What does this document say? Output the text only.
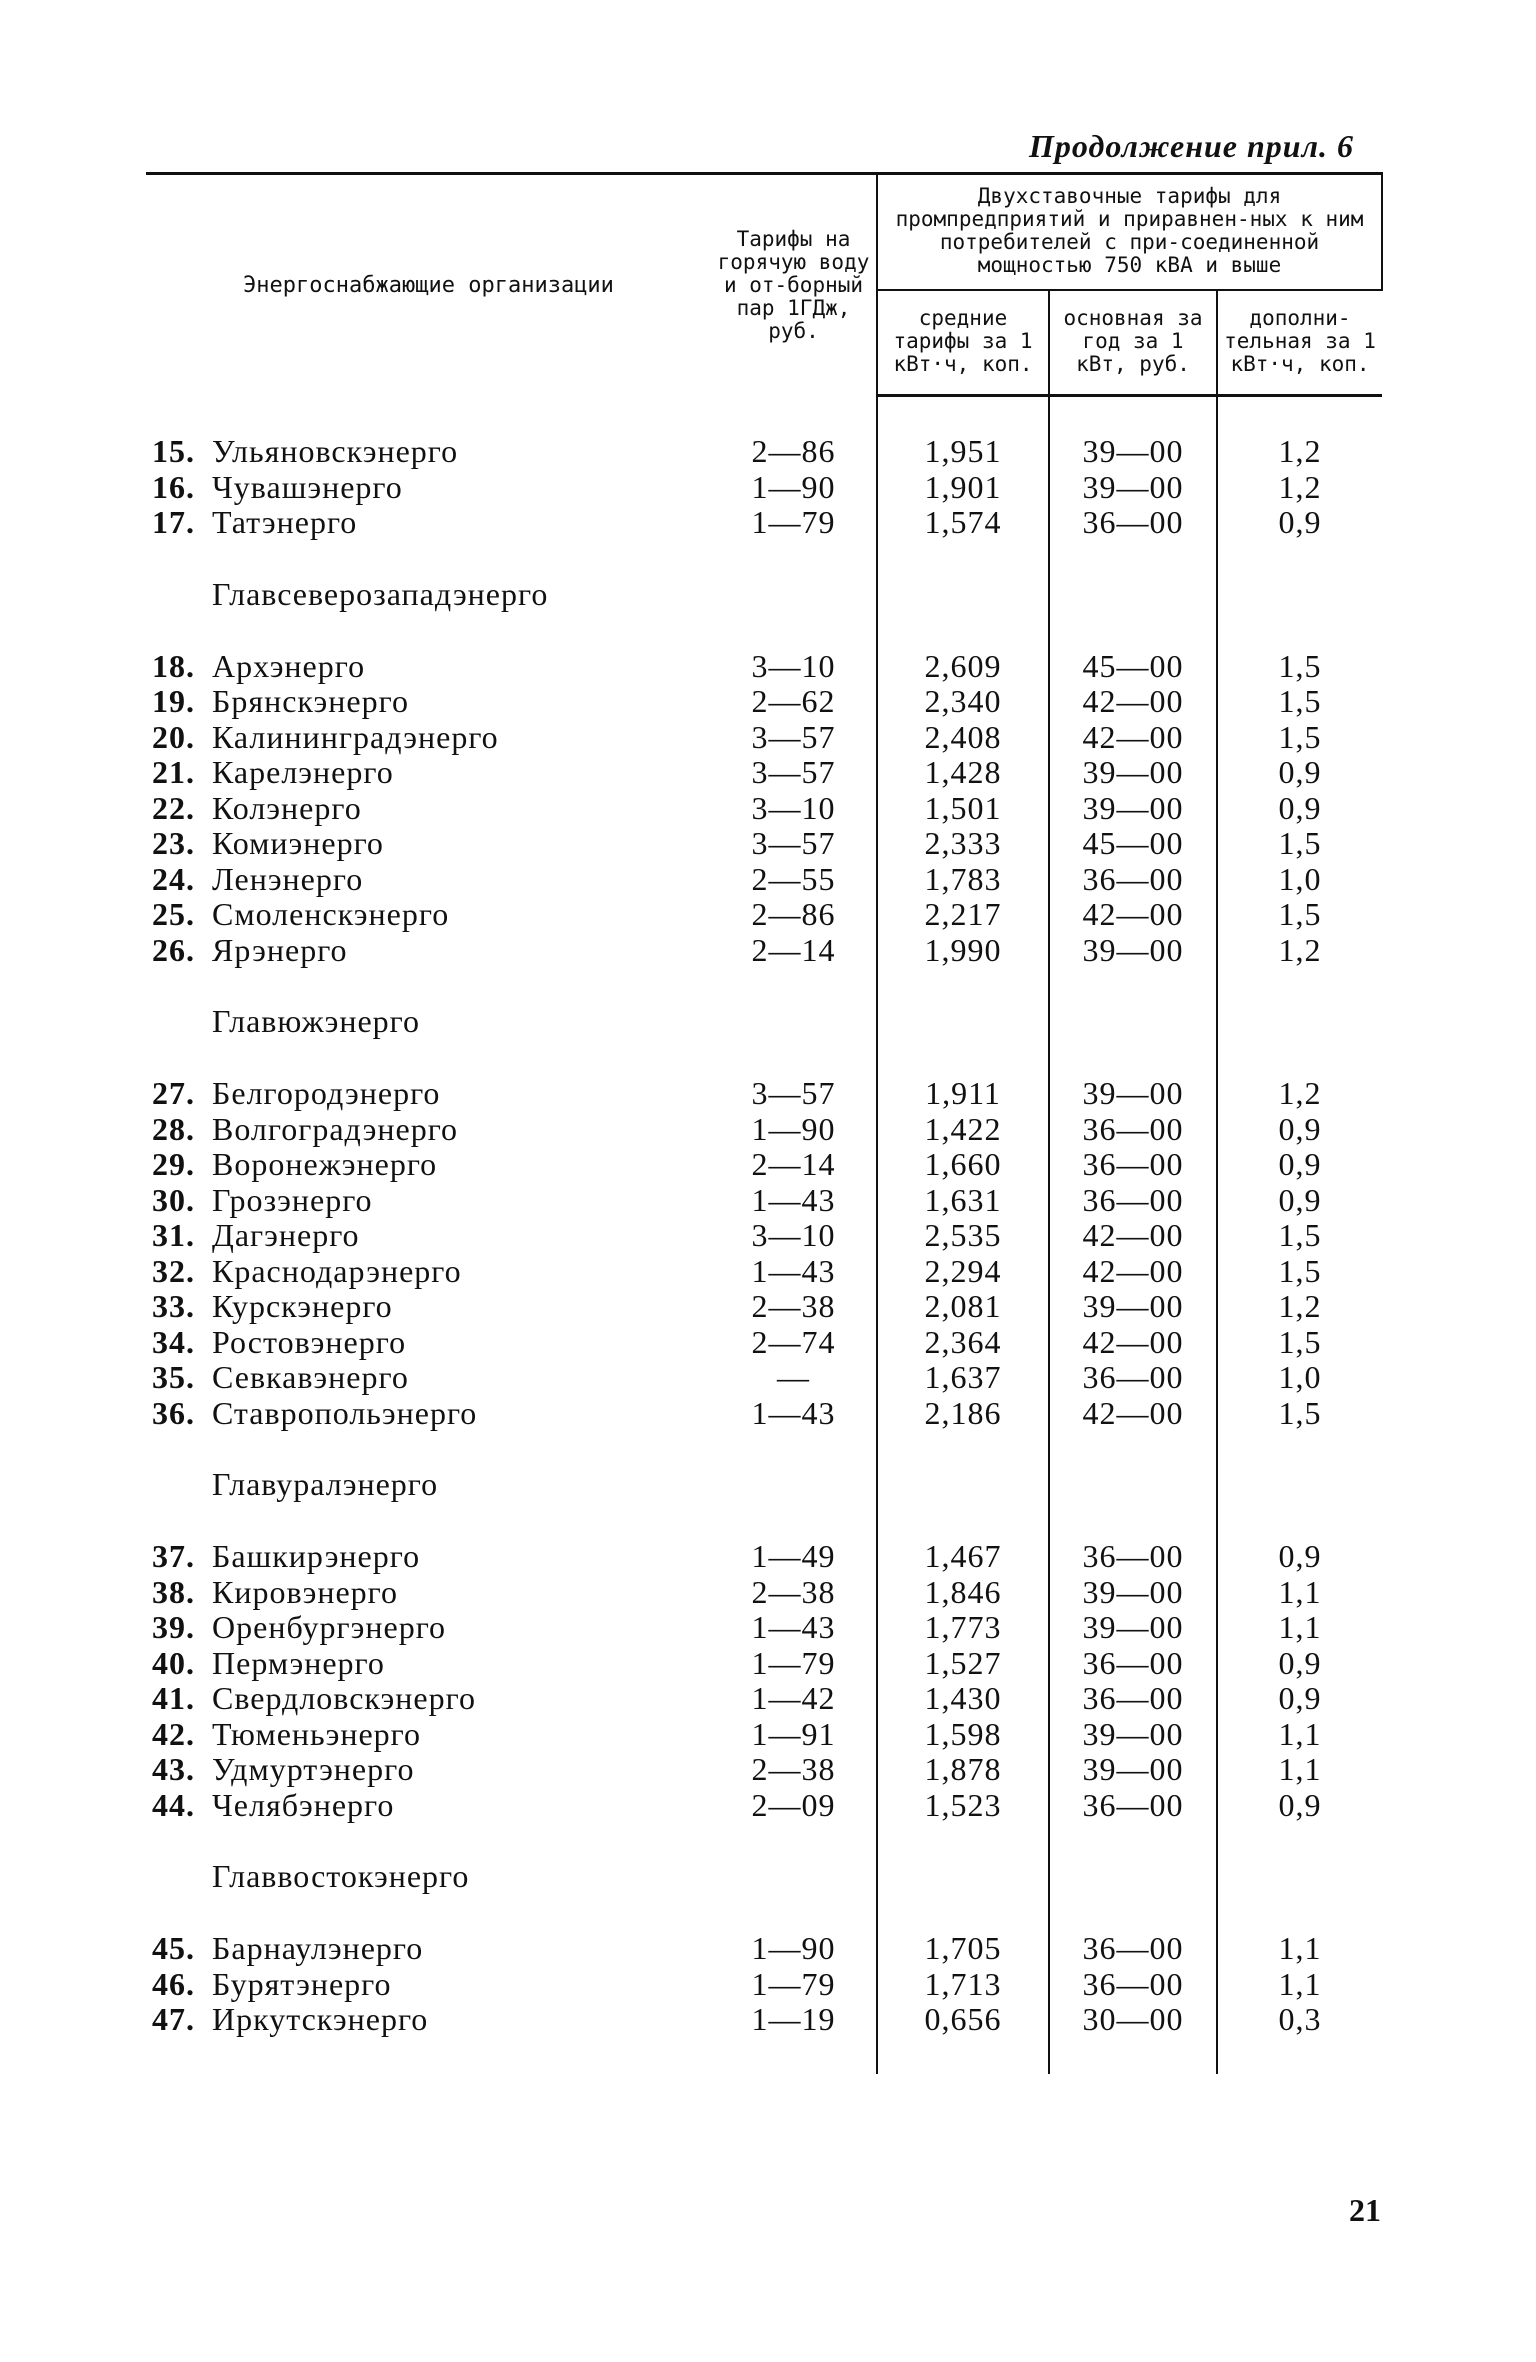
Продолжение прил. 6
Энергоснабжающие организации	Тарифы на горячую воду и от-борный пар 1ГДж, руб.	Двухставочные тарифы для промпредприятий и приравнен-ных к ним потребителей с при-соединенной мощностью 750 кВА и выше		
		средние тарифы за 1 кВт·ч, коп.	основная за год за 1 кВт, руб.	дополни-тельная за 1 кВт·ч, коп.

15. Ульяновскэнерго	2—86	1,951	39—00	1,2
16. Чувашэнерго	1—90	1,901	39—00	1,2
17. Татэнерго	1—79	1,574	36—00	0,9

Главсеверозападэнерго				

18. Архэнерго	3—10	2,609	45—00	1,5
19. Брянскэнерго	2—62	2,340	42—00	1,5
20. Калининградэнерго	3—57	2,408	42—00	1,5
21. Карелэнерго	3—57	1,428	39—00	0,9
22. Колэнерго	3—10	1,501	39—00	0,9
23. Комиэнерго	3—57	2,333	45—00	1,5
24. Ленэнерго	2—55	1,783	36—00	1,0
25. Смоленскэнерго	2—86	2,217	42—00	1,5
26. Ярэнерго	2—14	1,990	39—00	1,2

Главюжэнерго				

27. Белгородэнерго	3—57	1,911	39—00	1,2
28. Волгоградэнерго	1—90	1,422	36—00	0,9
29. Воронежэнерго	2—14	1,660	36—00	0,9
30. Грозэнерго	1—43	1,631	36—00	0,9
31. Дагэнерго	3—10	2,535	42—00	1,5
32. Краснодарэнерго	1—43	2,294	42—00	1,5
33. Курскэнерго	2—38	2,081	39—00	1,2
34. Ростовэнерго	2—74	2,364	42—00	1,5
35. Севкавэнерго	—	1,637	36—00	1,0
36. Ставропольэнерго	1—43	2,186	42—00	1,5

Главуралэнерго				

37. Башкирэнерго	1—49	1,467	36—00	0,9
38. Кировэнерго	2—38	1,846	39—00	1,1
39. Оренбургэнерго	1—43	1,773	39—00	1,1
40. Пермэнерго	1—79	1,527	36—00	0,9
41. Свердловскэнерго	1—42	1,430	36—00	0,9
42. Тюменьэнерго	1—91	1,598	39—00	1,1
43. Удмуртэнерго	2—38	1,878	39—00	1,1
44. Челябэнерго	2—09	1,523	36—00	0,9

Главвостокэнерго				

45. Барнаулэнерго	1—90	1,705	36—00	1,1
46. Бурятэнерго	1—79	1,713	36—00	1,1
47. Иркутскэнерго	1—19	0,656	30—00	0,3

21
